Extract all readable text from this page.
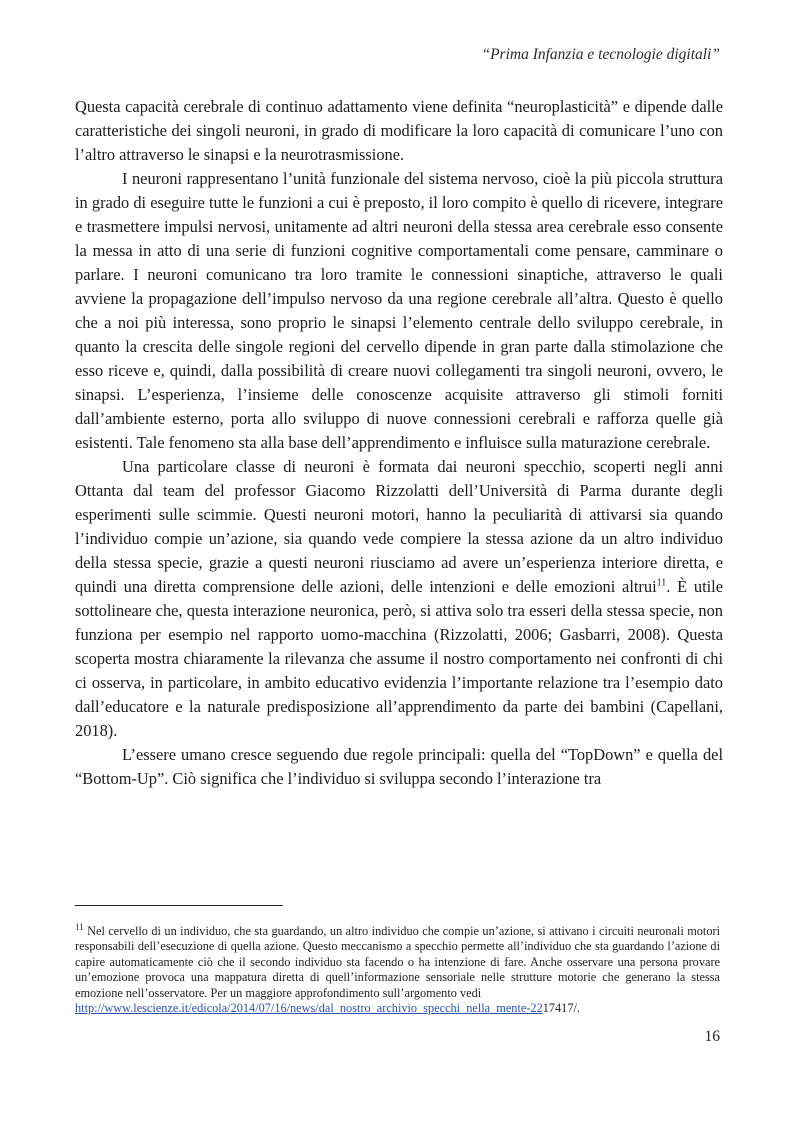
“Prima Infanzia e tecnologie digitali”

Questa capacità cerebrale di continuo adattamento viene definita “neuroplasticità” e dipende dalle caratteristiche dei singoli neuroni, in grado di modificare la loro capacità di comunicare l’uno con l’altro attraverso le sinapsi e la neurotrasmissione.

I neuroni rappresentano l’unità funzionale del sistema nervoso, cioè la più piccola struttura in grado di eseguire tutte le funzioni a cui è preposto, il loro compito è quello di ricevere, integrare e trasmettere impulsi nervosi, unitamente ad altri neuroni della stessa area cerebrale esso consente la messa in atto di una serie di funzioni cognitive comportamentali come pensare, camminare o parlare. I neuroni comunicano tra loro tramite le connessioni sinaptiche, attraverso le quali avviene la propagazione dell’impulso nervoso da una regione cerebrale all’altra. Questo è quello che a noi più interessa, sono proprio le sinapsi l’elemento centrale dello sviluppo cerebrale, in quanto la crescita delle singole regioni del cervello dipende in gran parte dalla stimolazione che esso riceve e, quindi, dalla possibilità di creare nuovi collegamenti tra singoli neuroni, ovvero, le sinapsi. L’esperienza, l’insieme delle conoscenze acquisite attraverso gli stimoli forniti dall’ambiente esterno, porta allo sviluppo di nuove connessioni cerebrali e rafforza quelle già esistenti. Tale fenomeno sta alla base dell’apprendimento e influisce sulla maturazione cerebrale.

Una particolare classe di neuroni è formata dai neuroni specchio, scoperti negli anni Ottanta dal team del professor Giacomo Rizzolatti dell’Università di Parma durante degli esperimenti sulle scimmie. Questi neuroni motori, hanno la peculiarità di attivarsi sia quando l’individuo compie un’azione, sia quando vede compiere la stessa azione da un altro individuo della stessa specie, grazie a questi neuroni riusciamo ad avere un’esperienza interiore diretta, e quindi una diretta comprensione delle azioni, delle intenzioni e delle emozioni altrui$^{11}$. È utile sottolineare che, questa interazione neuronica, però, si attiva solo tra esseri della stessa specie, non funziona per esempio nel rapporto uomo-macchina (Rizzolatti, 2006; Gasbarri, 2008). Questa scoperta mostra chiaramente la rilevanza che assume il nostro comportamento nei confronti di chi ci osserva, in particolare, in ambito educativo evidenzia l’importante relazione tra l’esempio dato dall’educatore e la naturale predisposizione all’apprendimento da parte dei bambini (Capellani, 2018).

L’essere umano cresce seguendo due regole principali: quella del “TopDown” e quella del “Bottom-Up”. Ciò significa che l’individuo si sviluppa secondo l’interazione tra

$^{11}$ Nel cervello di un individuo, che sta guardando, un altro individuo che compie un’azione, si attivano i circuiti neuronali motori responsabili dell’esecuzione di quella azione. Questo meccanismo a specchio permette all’individuo che sta guardando l’azione di capire automaticamente ciò che il secondo individuo sta facendo o ha intenzione di fare. Anche osservare una persona provare un’emozione provoca una mappatura diretta di quell’informazione sensoriale nelle strutture motorie che generano la stessa emozione nell’osservatore. Per un maggiore approfondimento sull’argomento vedi
http://www.lescienze.it/edicola/2014/07/16/news/dal_nostro_archivio_specchi_nella_mente-2217417/.
16
